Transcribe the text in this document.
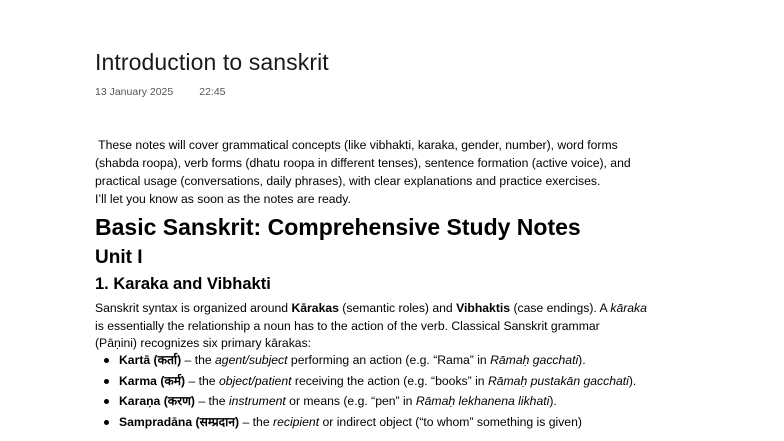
Introduction to sanskrit
13 January 2025 22:45

These notes will cover grammatical concepts (like vibhakti, karaka, gender, number), word forms

(shabda roopa), verb forms (dhatu roopa in different tenses), sentence formation (active voice), and

practical usage (conversations, daily phrases), with clear explanations and practice exercises.

I’ll let you know as soon as the notes are ready.

Basic Sanskrit: Comprehensive Study Notes
Unit I
1. Karaka and Vibhakti

Sanskrit syntax is organized around Kārakas (semantic roles) and Vibhaktis (case endings). A kāraka

is essentially the relationship a noun has to the action of the verb. Classical Sanskrit grammar

(Pāṇini) recognizes six primary kārakas:

Kartā (कर्ता) – the agent/subject performing an action (e.g. “Rama” in Rāmaḥ gacchati).
Karma (कर्म) – the object/patient receiving the action (e.g. “books” in Rāmaḥ pustakān gacchati).
Karaṇa (करण) – the instrument or means (e.g. “pen” in Rāmaḥ lekhanena likhati).
Sampradāna (सम्प्रदान) – the recipient or indirect object (“to whom” something is given)
